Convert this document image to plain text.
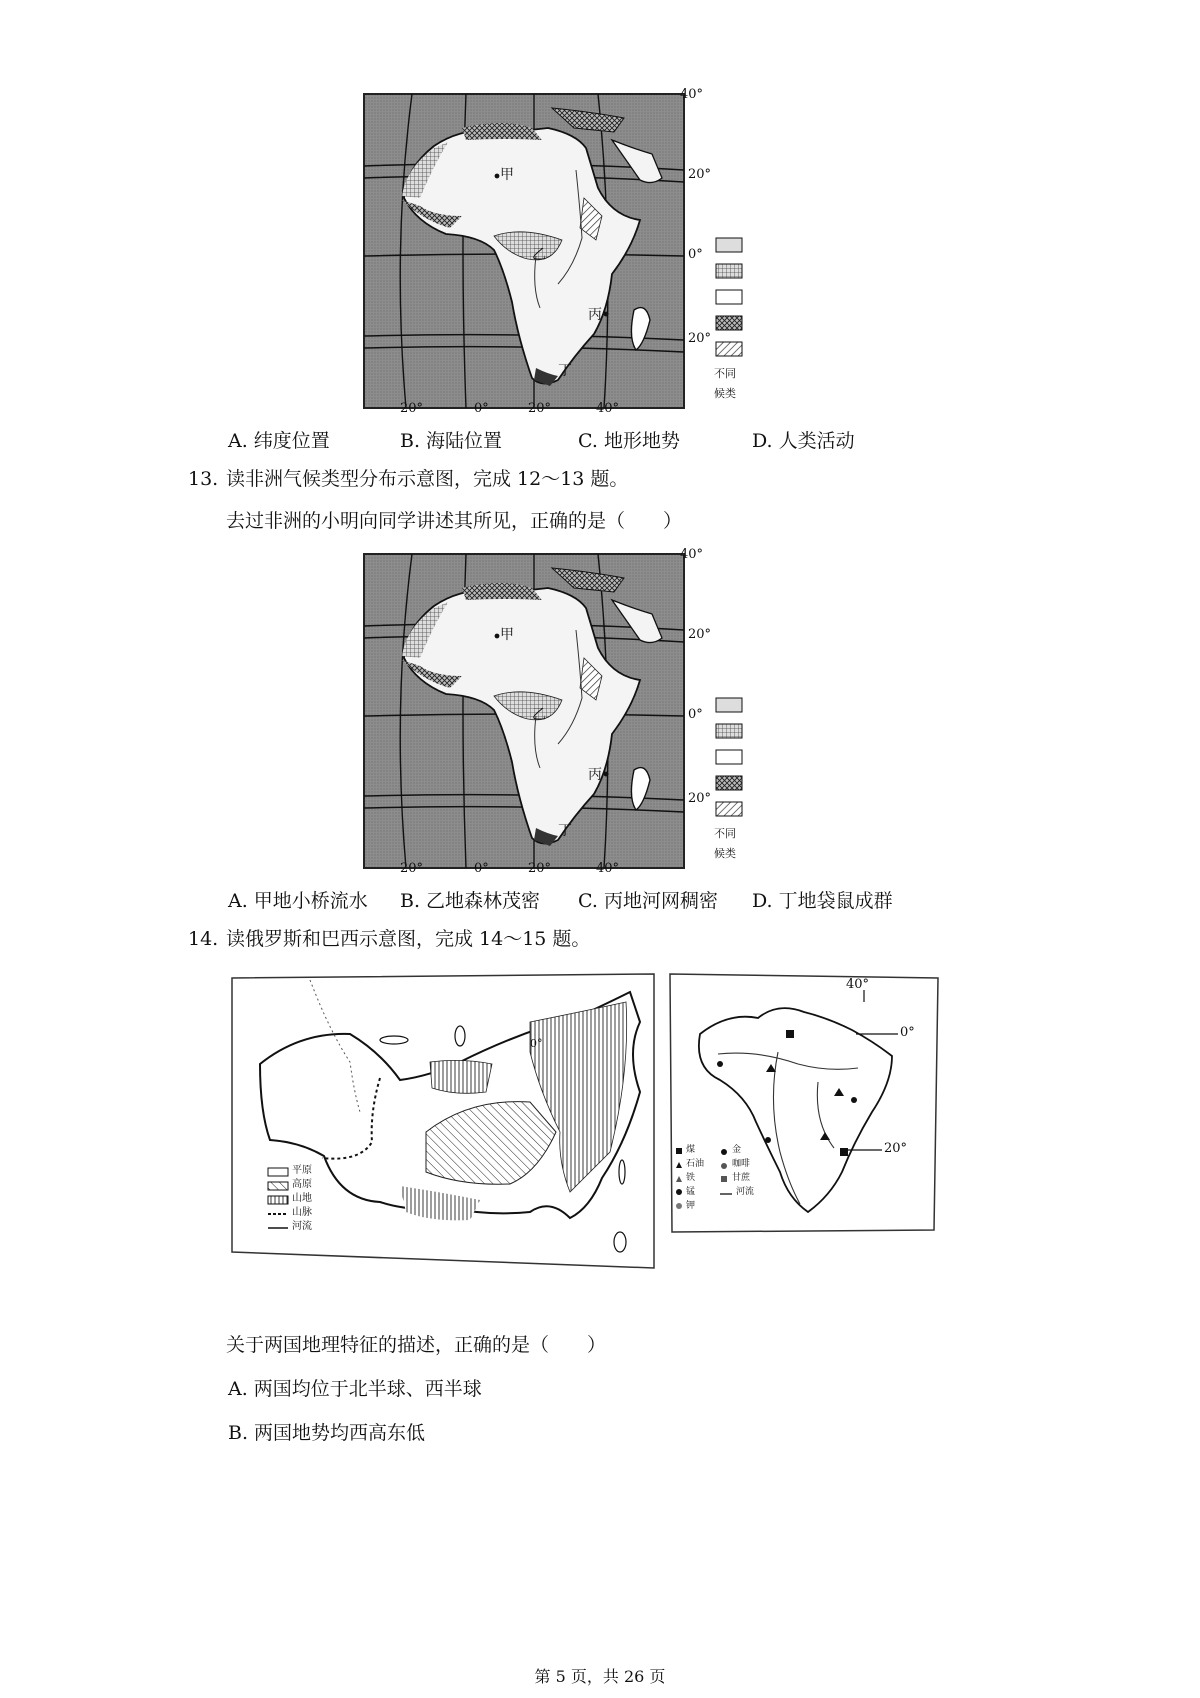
甲
乙
丙
丁
40°
20°
0°
20°
20°	0°	20°	40°
不同
候类
A. 纬度位置	B. 海陆位置	C. 地形地势	D. 人类活动
13. 读非洲气候类型分布示意图，完成 12～13 题。
去过非洲的小明向同学讲述其所见，正确的是（　　）
甲
乙
丙
丁
40°
20°
0°
20°
20°	0°	20°	40°
不同
候类
A. 甲地小桥流水 B. 乙地森林茂密 C. 丙地河网稠密 D. 丁地袋鼠成群
14. 读俄罗斯和巴西示意图，完成 14～15 题。
平原
高原
山地
山脉
河流
0°
40°
0°
20°
煤
石油
铁
锰
钾
金
咖啡
甘蔗
河流
关于两国地理特征的描述，正确的是（　　）
A. 两国均位于北半球、西半球
B. 两国地势均西高东低
第 5 页，共 26 页
